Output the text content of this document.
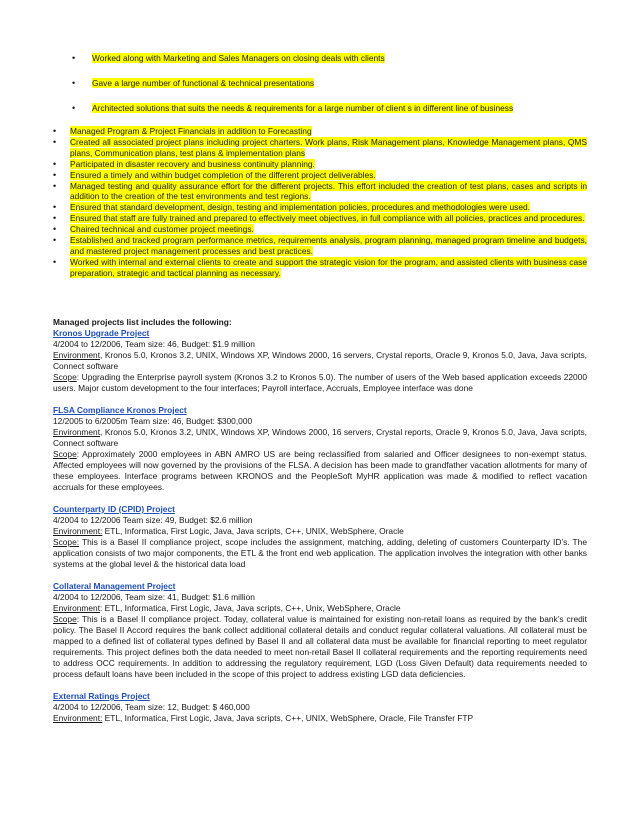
• Worked along with Marketing and Sales Managers on closing deals with clients
• Gave a large number of functional & technical presentations
• Architected solutions that suits the needs & requirements for a large number of client s in different line of business
• Managed Program & Project Financials in addition to Forecasting
• Created all associated project plans including project charters. Work plans, Risk Management plans, Knowledge Management plans, QMS plans, Communication plans, test plans & implementation plans
• Participated in disaster recovery and business continuity planning.
• Ensured a timely and within budget completion of the different project deliverables.
• Managed testing and quality assurance effort for the different projects. This effort included the creation of test plans, cases and scripts in addition to the creation of the test environments and test regions.
• Ensured that standard development, design, testing and implementation policies, procedures and methodologies were used.
• Ensured that staff are fully trained and prepared to effectively meet objectives, in full compliance with all policies, practices and procedures.
• Chaired technical and customer project meetings.
• Established and tracked program performance metrics, requirements analysis, program planning, managed program timeline and budgets, and mastered project management processes and best practices.
• Worked with internal and external clients to create and support the strategic vision for the program, and assisted clients with business case preparation, strategic and tactical planning as necessary.

Managed projects list includes the following:

Kronos Upgrade Project

4/2004 to 12/2006, Team size: 46, Budget: $1.9 million

Environment, Kronos 5.0, Kronos 3.2, UNIX, Windows XP, Windows 2000, 16 servers, Crystal reports, Oracle 9, Kronos 5.0, Java, Java scripts, Connect software

Scope: Upgrading the Enterprise payroll system (Kronos 3.2 to Kronos 5.0). The number of users of the Web based application exceeds 22000 users. Major custom development to the four interfaces; Payroll interface, Accruals, Employee interface was done

FLSA Compliance Kronos Project

12/2005 to 6/2005m Team size: 46, Budget: $300,000

Environment, Kronos 5.0, Kronos 3.2, UNIX, Windows XP, Windows 2000, 16 servers, Crystal reports, Oracle 9, Kronos 5.0, Java, Java scripts, Connect software

Scope: Approximately 2000 employees in ABN AMRO US are being reclassified from salaried and Officer designees to non-exempt status. Affected employees will now governed by the provisions of the FLSA. A decision has been made to grandfather vacation allotments for many of these employees. Interface programs between KRONOS and the PeopleSoft MyHR application was made & modified to reflect vacation accruals for these employees.

Counterparty ID (CPID) Project

4/2004 to 12/2006 Team size: 49, Budget: $2.6 million

Environment: ETL, Informatica, First Logic, Java, Java scripts, C++, UNIX, WebSphere, Oracle

Scope: This is a Basel II compliance project, scope includes the assignment, matching, adding, deleting of customers Counterparty ID’s. The application consists of two major components, the ETL & the front end web application. The application involves the integration with other banks systems at the global level & the historical data load

Collateral Management Project

4/2004 to 12/2006, Team size: 41, Budget: $1.6 million

Environment: ETL, Informatica, First Logic, Java, Java scripts, C++, Unix, WebSphere, Oracle

Scope: This is a Basel II compliance project. Today, collateral value is maintained for existing non-retail loans as required by the bank’s credit policy. The Basel II Accord requires the bank collect additional collateral details and conduct regular collateral valuations. All collateral must be mapped to a defined list of collateral types defined by Basel II and all collateral data must be available for financial reporting to meet regulator requirements. This project defines both the data needed to meet non-retail Basel II collateral requirements and the reporting requirements need to address OCC requirements. In addition to addressing the regulatory requirement, LGD (Loss Given Default) data requirements needed to process default loans have been included in the scope of this project to address existing LGD data deficiencies.

External Ratings Project

4/2004 to 12/2006, Team size: 12, Budget: $ 460,000

Environment: ETL, Informatica, First Logic, Java, Java scripts, C++, UNIX, WebSphere, Oracle, File Transfer FTP
